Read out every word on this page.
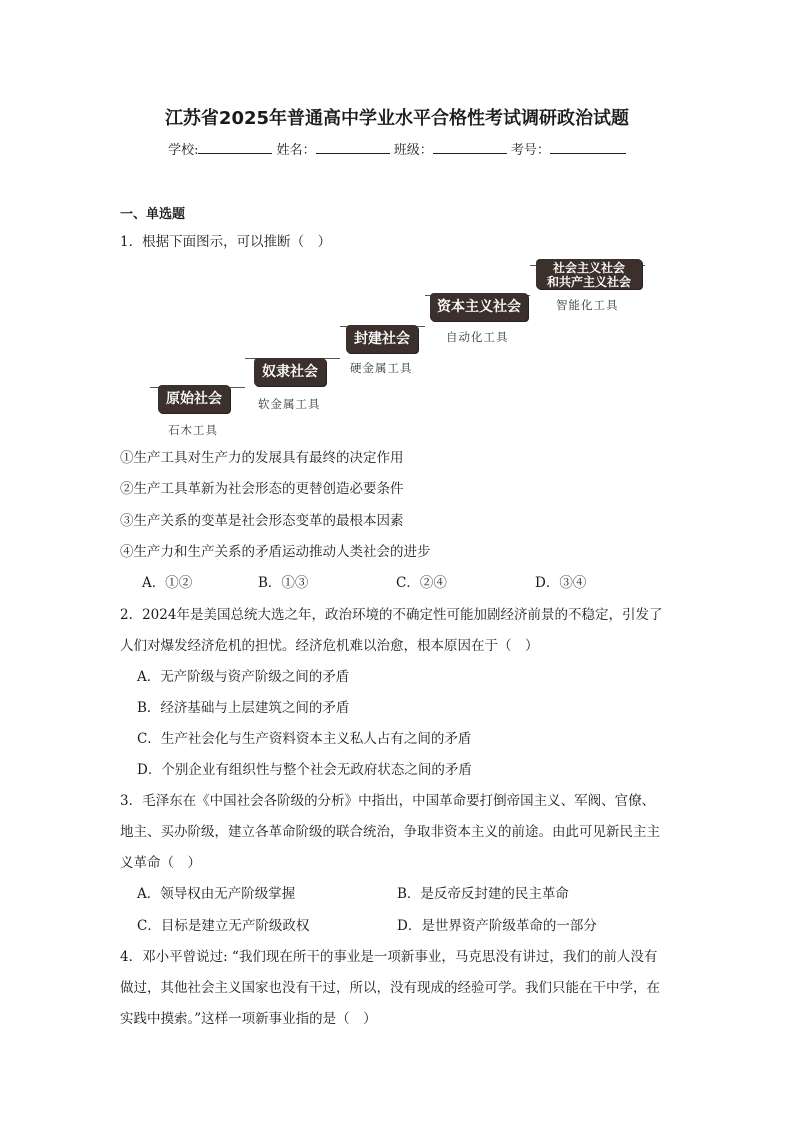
江苏省2025年普通高中学业水平合格性考试调研政治试题
学校:	姓名：	班级：	考号：
一、单选题
1．根据下面图示，可以推断（　）
原始社会
石木工具
奴隶社会
软金属工具
封建社会
硬金属工具
资本主义社会
自动化工具
社会主义社会
和共产主义社会
智能化工具
①生产工具对生产力的发展具有最终的决定作用
②生产工具革新为社会形态的更替创造必要条件
③生产关系的变革是社会形态变革的最根本因素
④生产力和生产关系的矛盾运动推动人类社会的进步
A．①②	B．①③	C．②④	D．③④
2．2024年是美国总统大选之年，政治环境的不确定性可能加剧经济前景的不稳定，引发了
人们对爆发经济危机的担忧。经济危机难以治愈，根本原因在于（　）
A．无产阶级与资产阶级之间的矛盾
B．经济基础与上层建筑之间的矛盾
C．生产社会化与生产资料资本主义私人占有之间的矛盾
D．个别企业有组织性与整个社会无政府状态之间的矛盾
3．毛泽东在《中国社会各阶级的分析》中指出，中国革命要打倒帝国主义、军阀、官僚、
地主、买办阶级，建立各革命阶级的联合统治，争取非资本主义的前途。由此可见新民主主
义革命（　）
A．领导权由无产阶级掌握	B．是反帝反封建的民主革命
C．目标是建立无产阶级政权	D．是世界资产阶级革命的一部分
4．邓小平曾说过: “我们现在所干的事业是一项新事业，马克思没有讲过，我们的前人没有
做过，其他社会主义国家也没有干过，所以，没有现成的经验可学。我们只能在干中学，在
实践中摸索。”这样一项新事业指的是（　）
